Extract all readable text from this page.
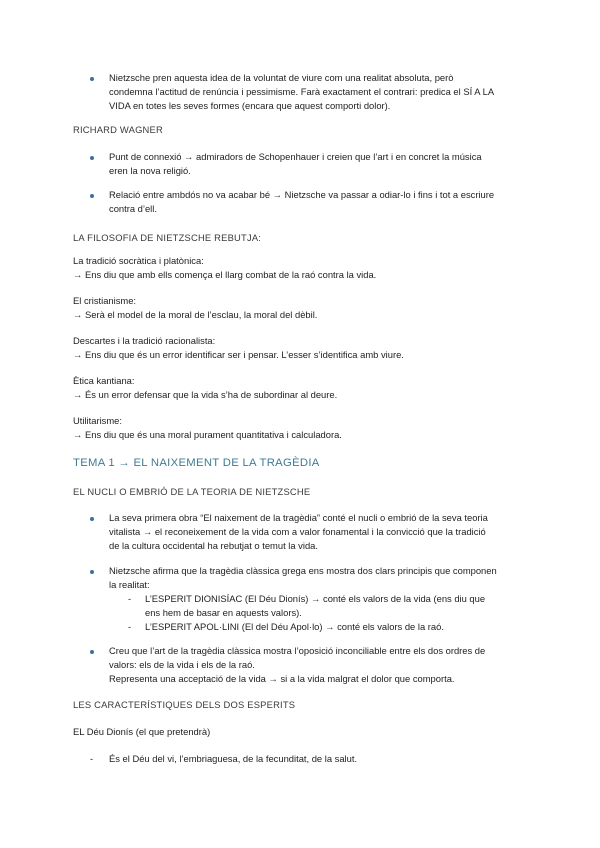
Nietzsche pren aquesta idea de la voluntat de viure com una realitat absoluta, però
condemna l’actitud de renúncia i pessimisme. Farà exactament el contrari: predica el SÍ A LA
VIDA en totes les seves formes (encara que aquest comporti dolor).
RICHARD WAGNER
Punt de connexió → admiradors de Schopenhauer i creien que l’art i en concret la música
eren la nova religió.
Relació entre ambdós no va acabar bé → Nietzsche va passar a odiar-lo i fins i tot a escriure
contra d’ell.
LA FILOSOFIA DE NIETZSCHE REBUTJA:
La tradició socràtica i platònica:
→ Ens diu que amb ells comença el llarg combat de la raó contra la vida.
El cristianisme:
→ Serà el model de la moral de l’esclau, la moral del dèbil.
Descartes i la tradició racionalista:
→ Ens diu que és un error identificar ser i pensar. L’esser s’identifica amb viure.
Ètica kantiana:
→ És un error defensar que la vida s’ha de subordinar al deure.
Utilitarisme:
→ Ens diu que és una moral purament quantitativa i calculadora.
TEMA 1 → EL NAIXEMENT DE LA TRAGÈDIA
EL NUCLI O EMBRIÓ DE LA TEORIA DE NIETZSCHE
La seva primera obra “El naixement de la tragèdia” conté el nucli o embrió de la seva teoria
vitalista → el reconeixement de la vida com a valor fonamental i la convicció que la tradició
de la cultura occidental ha rebutjat o temut la vida.
Nietzsche afirma que la tragèdia clàssica grega ens mostra dos clars principis que componen
la realitat:
- L’ESPERIT DIONISÍAC (El Déu Dionís) → conté els valors de la vida (ens diu que
ens hem de basar en aquests valors).
- L’ESPERIT APOL·LINI (El del Déu Apol·lo) → conté els valors de la raó.
Creu que l’art de la tragèdia clàssica mostra l’oposició inconciliable entre els dos ordres de
valors: els de la vida i els de la raó.
Representa una acceptació de la vida → si a la vida malgrat el dolor que comporta.
LES CARACTERÍSTIQUES DELS DOS ESPERITS
EL Déu Dionís (el que pretendrà)
- És el Déu del vi, l’embriaguesa, de la fecunditat, de la salut.
